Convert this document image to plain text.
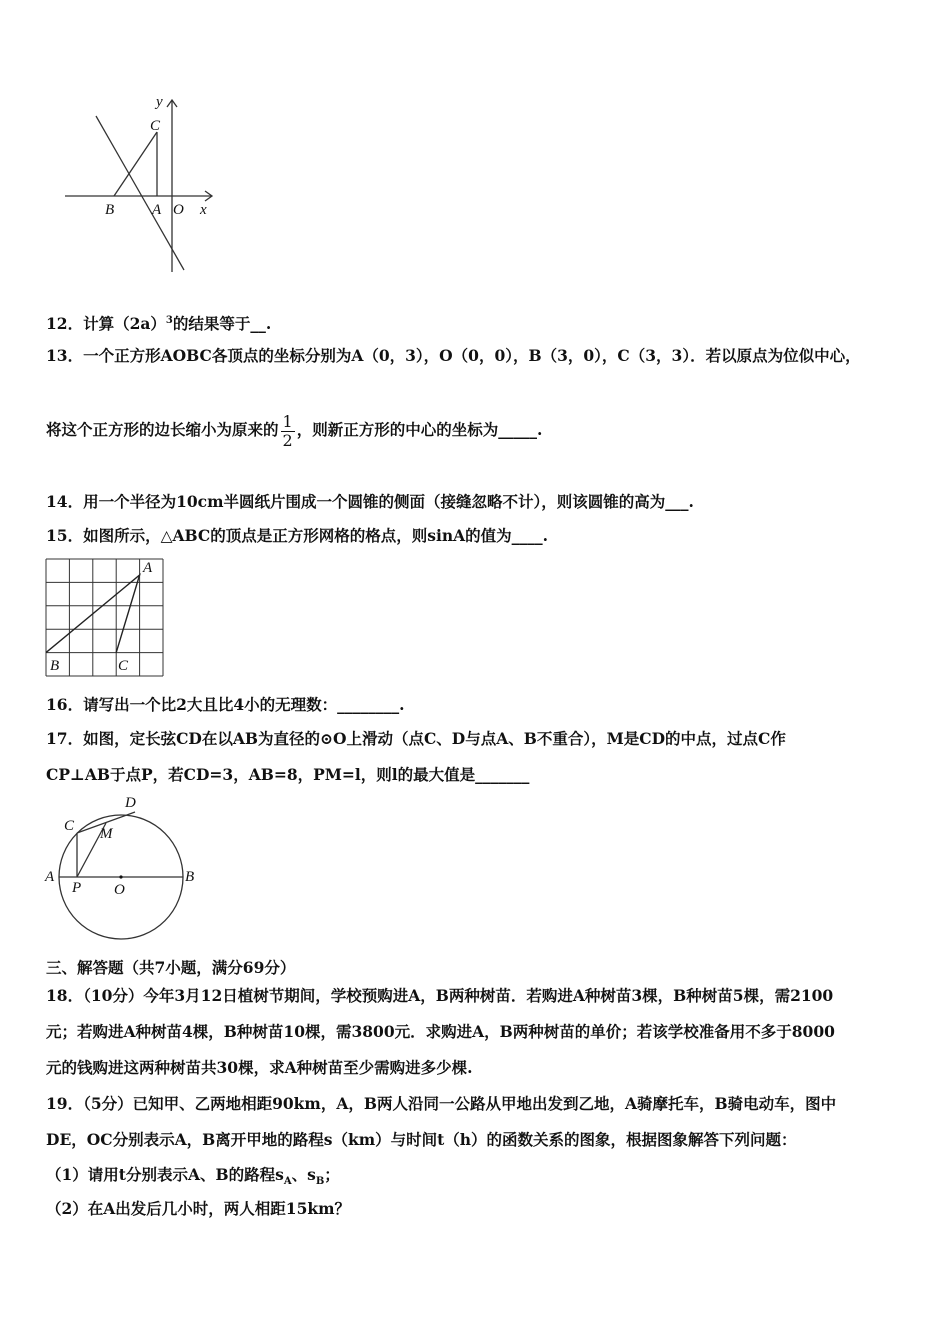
y
C
B	A O x
12．计算$(2a)^3$的结果等于__.
13．一个正方形AOBC各顶点的坐标分别为A（0，3），O（0，0），B（3，0），C（3，3）．若以原点为位似中心，
将这个正方形的边长缩小为原来的 $\frac{1}{2}$ ，则新正方形的中心的坐标为_____.
14．用一个半径为10cm半圆纸片围成一个圆锥的侧面（接缝忽略不计），则该圆锥的高为___.
15．如图所示，△ABC的顶点是正方形网格的格点，则sinA的值为____.
A
B	C
16．请写出一个比2大且比4小的无理数：________.
17．如图，定长弦CD在以AB为直径的⊙O上滑动（点C、D与点A、B不重合），M是CD的中点，过点C作
CP⊥AB于点P，若CD=3，AB=8，PM=l，则l的最大值是_______
D
C M
A
P O
B
三、解答题（共7小题，满分69分）
18．（10分）今年3月12日植树节期间，学校预购进A，B两种树苗．若购进A种树苗3棵，B种树苗5棵，需2100
元；若购进A种树苗4棵，B种树苗10棵，需3800元．求购进A，B两种树苗的单价；若该学校准备用不多于8000
元的钱购进这两种树苗共30棵，求A种树苗至少需购进多少棵.
19．（5分）已知甲、乙两地相距90km，A，B两人沿同一公路从甲地出发到乙地，A骑摩托车，B骑电动车，图中
DE，OC分别表示A，B离开甲地的路程s（km）与时间t（h）的函数关系的图象，根据图象解答下列问题：
（1）请用t分别表示A、B的路程$s_A$、$s_B$；
（2）在A出发后几小时，两人相距15km？
